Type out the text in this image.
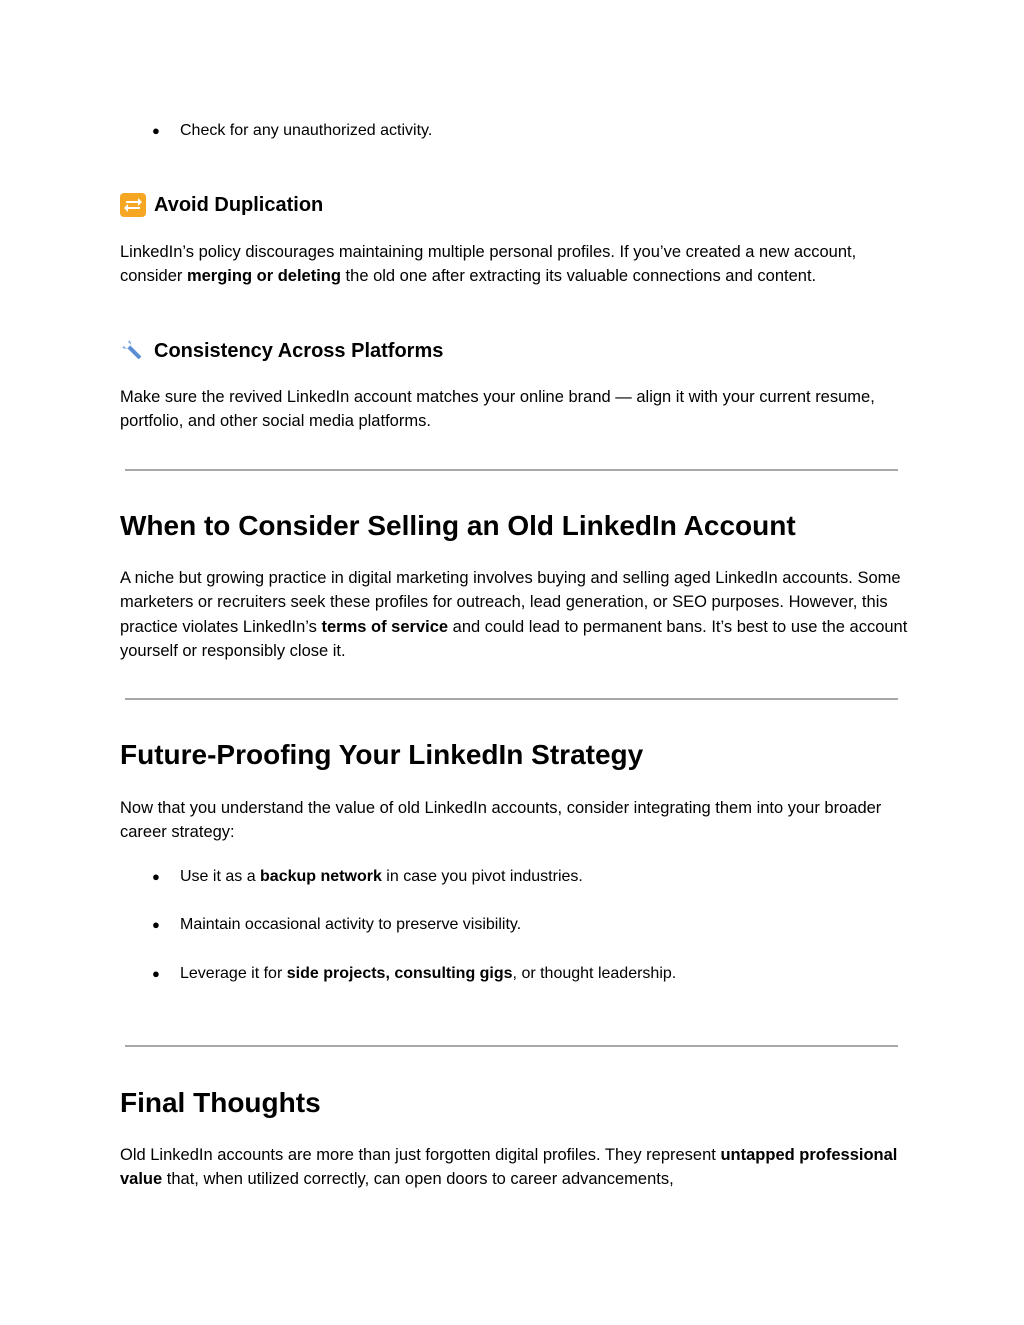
● Check for any unauthorized activity.
Avoid Duplication
LinkedIn’s policy discourages maintaining multiple personal profiles. If you’ve created a new account, consider merging or deleting the old one after extracting its valuable connections and content.
Consistency Across Platforms
Make sure the revived LinkedIn account matches your online brand — align it with your current resume, portfolio, and other social media platforms.
When to Consider Selling an Old LinkedIn Account
A niche but growing practice in digital marketing involves buying and selling aged LinkedIn accounts. Some marketers or recruiters seek these profiles for outreach, lead generation, or SEO purposes. However, this practice violates LinkedIn’s terms of service and could lead to permanent bans. It’s best to use the account yourself or responsibly close it.
Future-Proofing Your LinkedIn Strategy
Now that you understand the value of old LinkedIn accounts, consider integrating them into your broader career strategy:
● Use it as a backup network in case you pivot industries.
● Maintain occasional activity to preserve visibility.
● Leverage it for side projects, consulting gigs, or thought leadership.
Final Thoughts
Old LinkedIn accounts are more than just forgotten digital profiles. They represent untapped professional value that, when utilized correctly, can open doors to career advancements,
